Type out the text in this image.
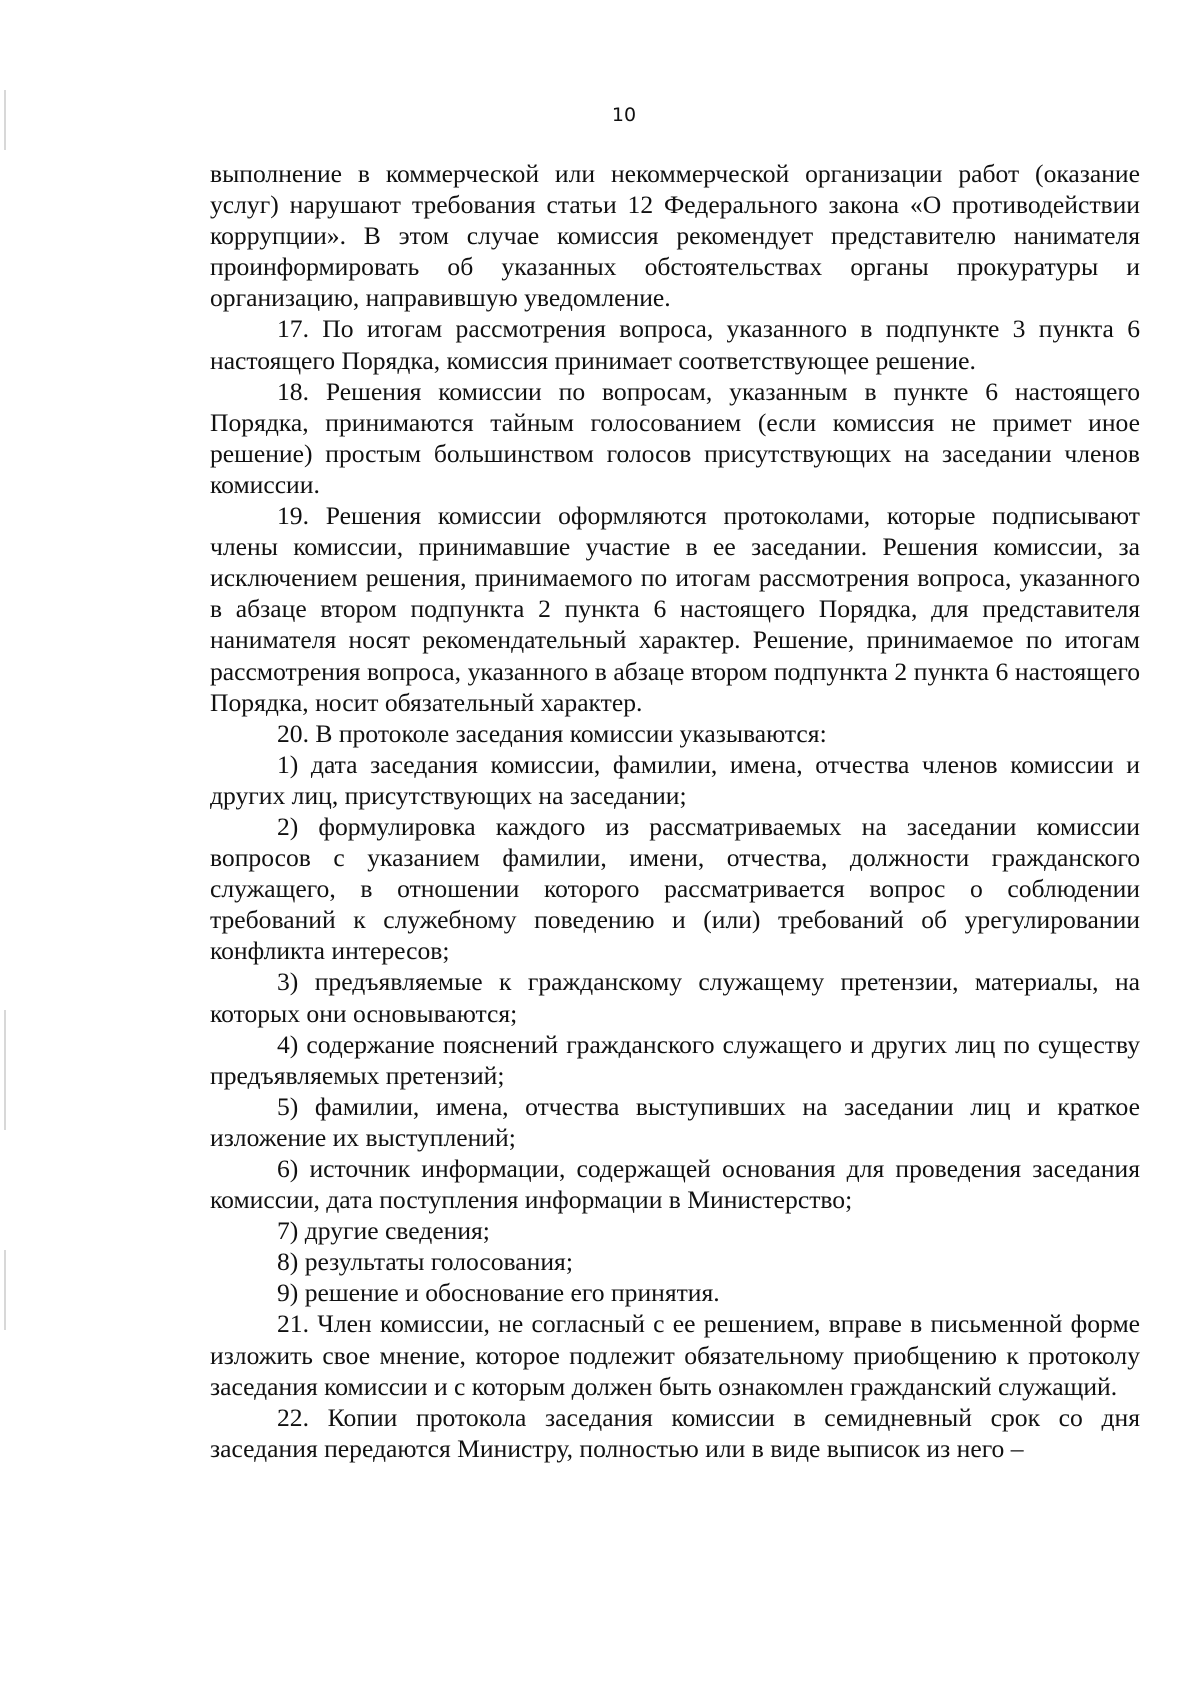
10

выполнение в коммерческой или некоммерческой организации работ (оказание услуг) нарушают требования статьи 12 Федерального закона «О противодействии коррупции». В этом случае комиссия рекомендует представителю нанимателя проинформировать об указанных обстоятельствах органы прокуратуры и организацию, направившую уведомление.

17. По итогам рассмотрения вопроса, указанного в подпункте 3 пункта 6 настоящего Порядка, комиссия принимает соответствующее решение.

18. Решения комиссии по вопросам, указанным в пункте 6 настоящего Порядка, принимаются тайным голосованием (если комиссия не примет иное решение) простым большинством голосов присутствующих на заседании членов комиссии.

19. Решения комиссии оформляются протоколами, которые подписывают члены комиссии, принимавшие участие в ее заседании. Решения комиссии, за исключением решения, принимаемого по итогам рассмотрения вопроса, указанного в абзаце втором подпункта 2 пункта 6 настоящего Порядка, для представителя нанимателя носят рекомендательный характер. Решение, принимаемое по итогам рассмотрения вопроса, указанного в абзаце втором подпункта 2 пункта 6 настоящего Порядка, носит обязательный характер.

20. В протоколе заседания комиссии указываются:

1) дата заседания комиссии, фамилии, имена, отчества членов комиссии и других лиц, присутствующих на заседании;

2) формулировка каждого из рассматриваемых на заседании комиссии вопросов с указанием фамилии, имени, отчества, должности гражданского служащего, в отношении которого рассматривается вопрос о соблюдении требований к служебному поведению и (или) требований об урегулировании конфликта интересов;

3) предъявляемые к гражданскому служащему претензии, материалы, на которых они основываются;

4) содержание пояснений гражданского служащего и других лиц по существу предъявляемых претензий;

5) фамилии, имена, отчества выступивших на заседании лиц и краткое изложение их выступлений;

6) источник информации, содержащей основания для проведения заседания комиссии, дата поступления информации в Министерство;

7) другие сведения;

8) результаты голосования;

9) решение и обоснование его принятия.

21. Член комиссии, не согласный с ее решением, вправе в письменной форме изложить свое мнение, которое подлежит обязательному приобщению к протоколу заседания комиссии и с которым должен быть ознакомлен гражданский служащий.

22. Копии протокола заседания комиссии в семидневный срок со дня заседания передаются Министру, полностью или в виде выписок из него –
